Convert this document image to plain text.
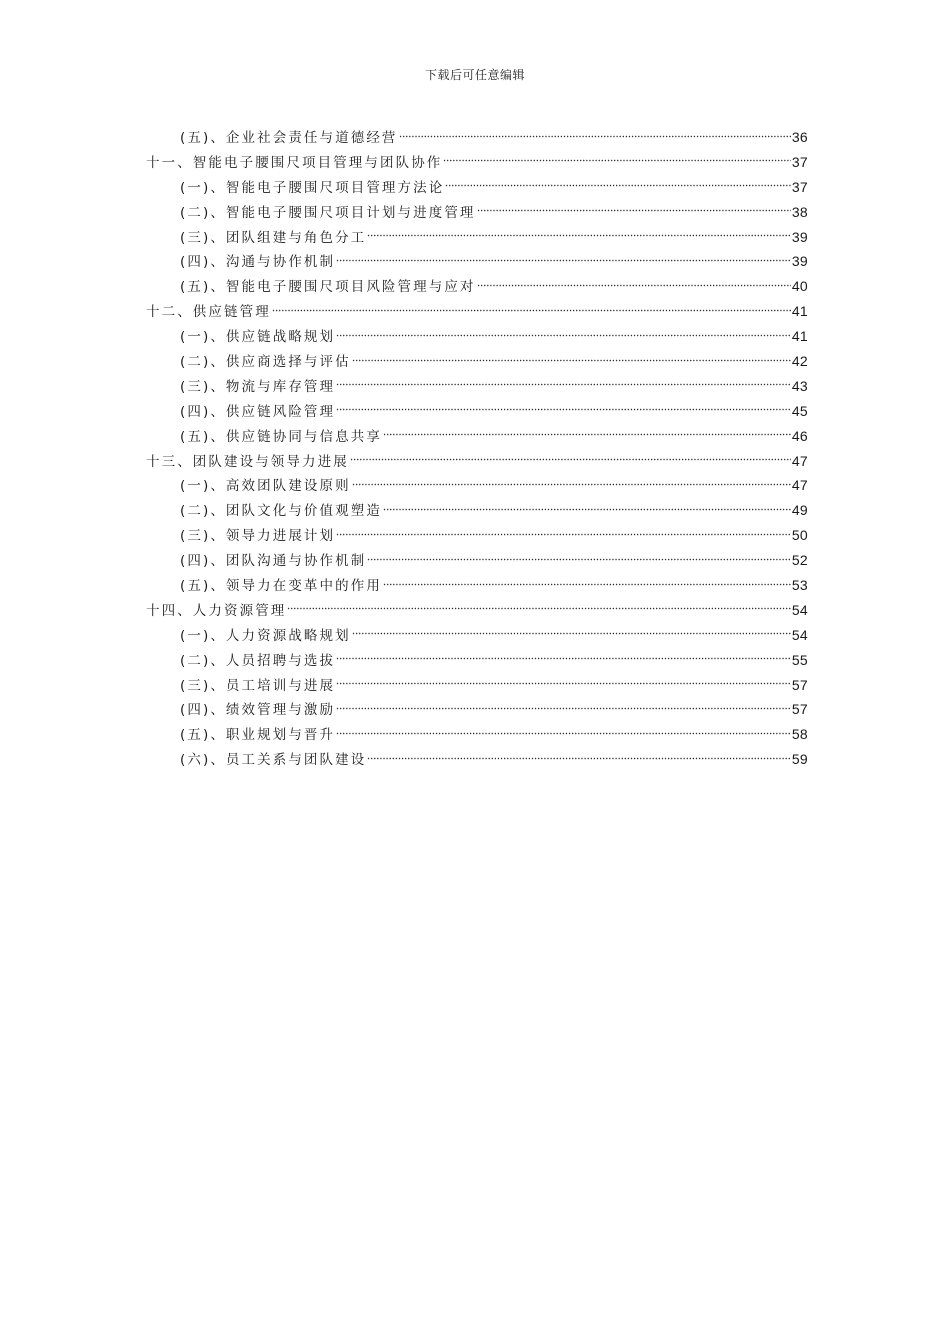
下载后可任意编辑
(五)、企业社会责任与道德经营	36
十一、智能电子腰围尺项目管理与团队协作	37
(一)、智能电子腰围尺项目管理方法论	37
(二)、智能电子腰围尺项目计划与进度管理	38
(三)、团队组建与角色分工	39
(四)、沟通与协作机制	39
(五)、智能电子腰围尺项目风险管理与应对	40
十二、供应链管理	41
(一)、供应链战略规划	41
(二)、供应商选择与评估	42
(三)、物流与库存管理	43
(四)、供应链风险管理	45
(五)、供应链协同与信息共享	46
十三、团队建设与领导力进展	47
(一)、高效团队建设原则	47
(二)、团队文化与价值观塑造	49
(三)、领导力进展计划	50
(四)、团队沟通与协作机制	52
(五)、领导力在变革中的作用	53
十四、人力资源管理	54
(一)、人力资源战略规划	54
(二)、人员招聘与选拔	55
(三)、员工培训与进展	57
(四)、绩效管理与激励	57
(五)、职业规划与晋升	58
(六)、员工关系与团队建设	59
